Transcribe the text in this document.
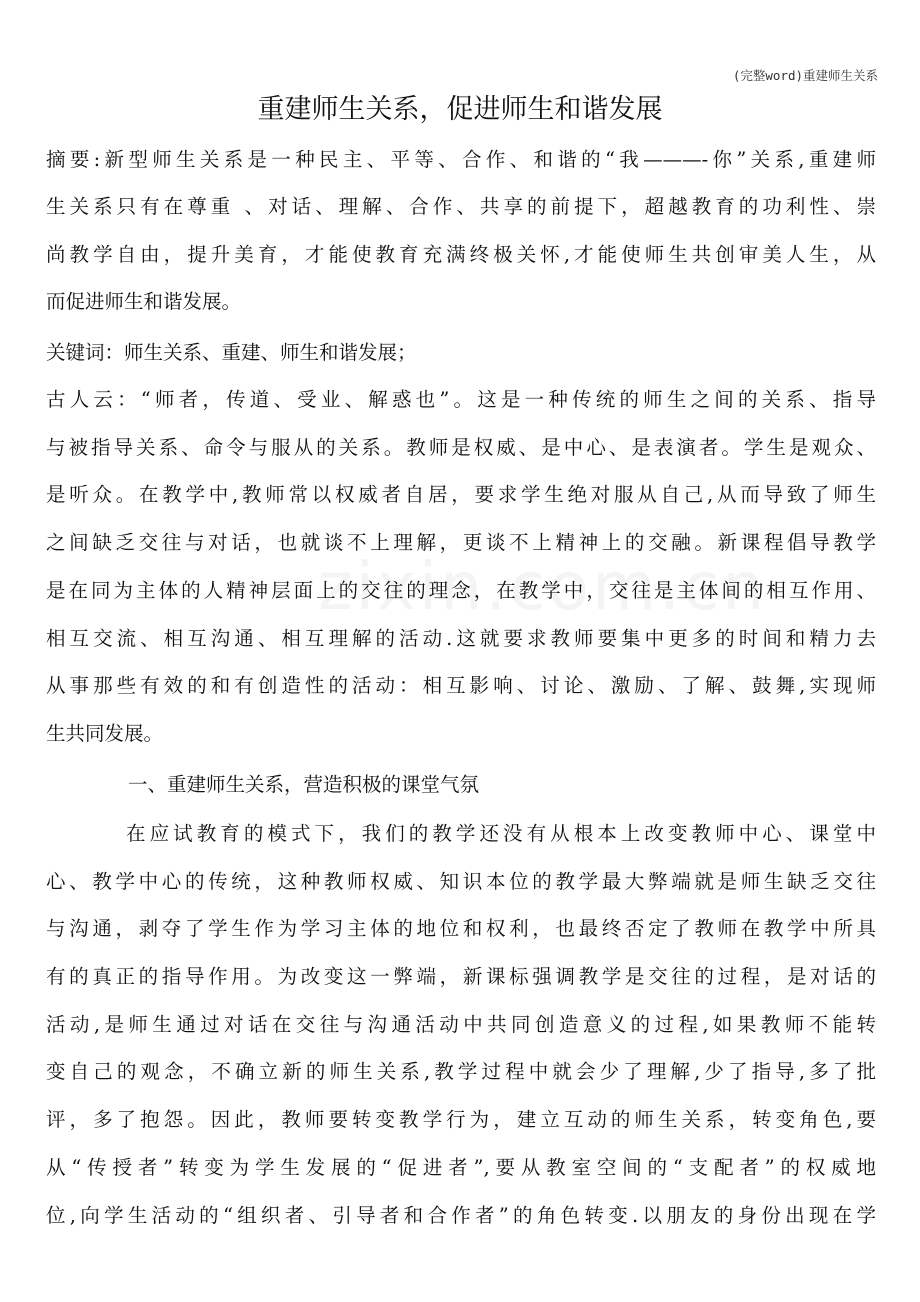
(完整word)重建师生关系
重建师生关系，促进师生和谐发展

摘要:新型师生关系是一种民主、平等、合作、和谐的“我———-你”关系,重建师

生关系只有在尊重 、对话、理解、合作、共享的前提下，超越教育的功利性、崇

尚教学自由，提升美育，才能使教育充满终极关怀,才能使师生共创审美人生，从

而促进师生和谐发展。

关键词：师生关系、重建、师生和谐发展；

古人云：“师者，传道、受业、解惑也”。这是一种传统的师生之间的关系、指导

与被指导关系、命令与服从的关系。教师是权威、是中心、是表演者。学生是观众、

是听众。在教学中,教师常以权威者自居，要求学生绝对服从自己,从而导致了师生

之间缺乏交往与对话，也就谈不上理解，更谈不上精神上的交融。新课程倡导教学

是在同为主体的人精神层面上的交往的理念，在教学中，交往是主体间的相互作用、

相互交流、相互沟通、相互理解的活动.这就要求教师要集中更多的时间和精力去

从事那些有效的和有创造性的活动：相互影响、讨论、激励、了解、鼓舞,实现师

生共同发展。

一、重建师生关系，营造积极的课堂气氛

在应试教育的模式下，我们的教学还没有从根本上改变教师中心、课堂中

心、教学中心的传统，这种教师权威、知识本位的教学最大弊端就是师生缺乏交往

与沟通，剥夺了学生作为学习主体的地位和权利，也最终否定了教师在教学中所具

有的真正的指导作用。为改变这一弊端，新课标强调教学是交往的过程，是对话的

活动,是师生通过对话在交往与沟通活动中共同创造意义的过程,如果教师不能转

变自己的观念，不确立新的师生关系,教学过程中就会少了理解,少了指导,多了批

评，多了抱怨。因此，教师要转变教学行为，建立互动的师生关系，转变角色,要

从“传授者”转变为学生发展的“促进者”,要从教室空间的“支配者”的权威地

位,向学生活动的“组织者、引导者和合作者”的角色转变.以朋友的身份出现在学
